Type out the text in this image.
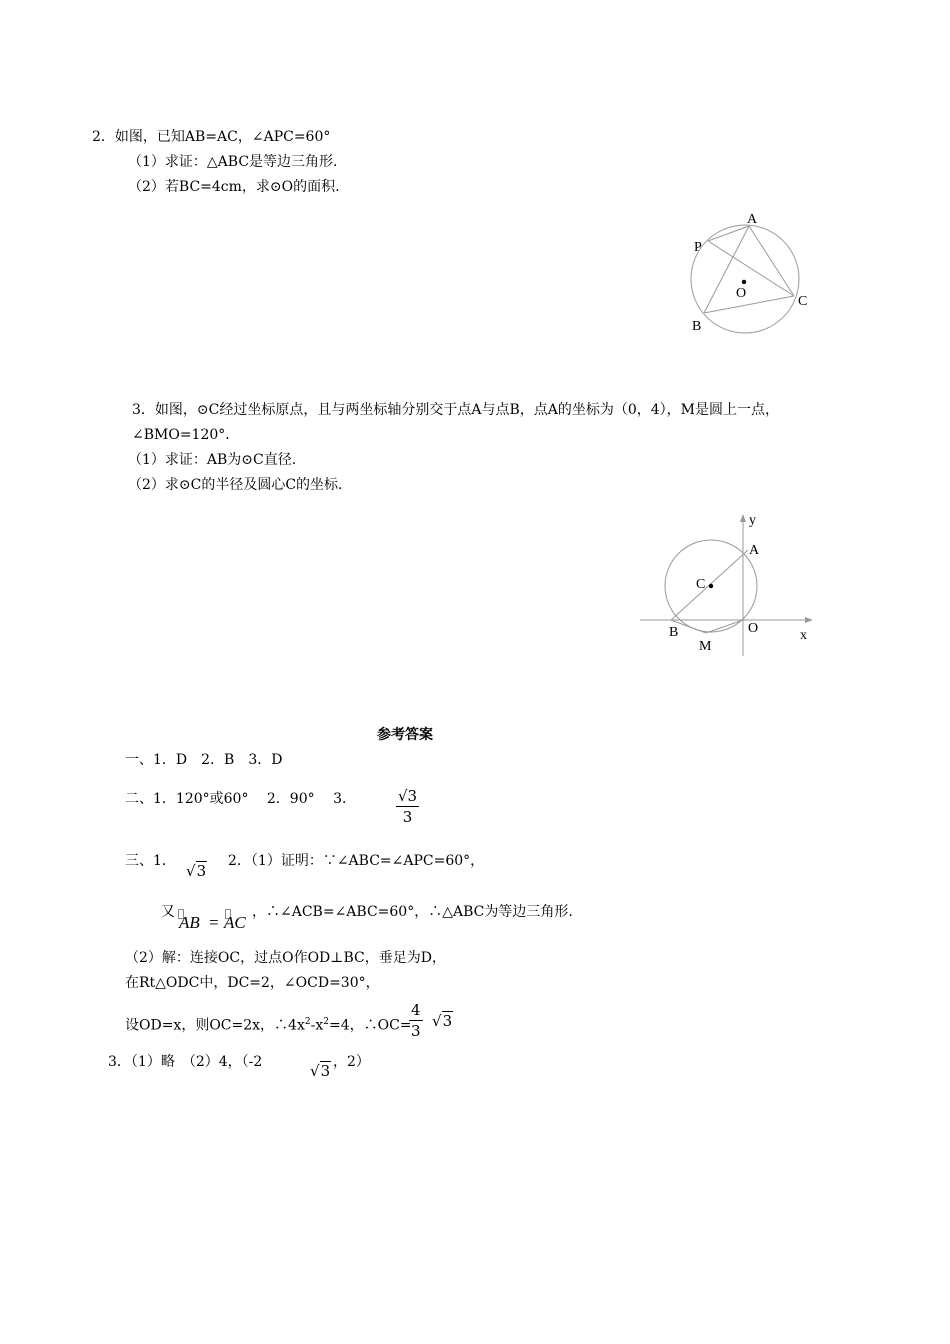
2．如图，已知AB=AC，∠APC=60°
（1）求证：△ABC是等边三角形.
（2）若BC=4cm，求⊙O的面积.
A
P
O
C
B
3．如图，⊙C经过坐标原点，且与两坐标轴分别交于点A与点B，点A的坐标为（0，4），M是圆上一点，
∠BMO=120°．
（1）求证：AB为⊙C直径.
（2）求⊙C的半径及圆心C的坐标.
y
A
C
B	O	x
M
参考答案
一、1．D　2．B　3．D
二、1．120°或60°　 2．90°　 3．	$\frac{√3}{3}$
三、1．
√3
2．（1）证明：∵∠ABC=∠APC=60°，
又
AB = AC
，∴∠ACB=∠ABC=60°，∴△ABC为等边三角形.
（2）解：连接OC，过点O作OD⊥BC，垂足为D，
在Rt△ODC中，DC=2，∠OCD=30°，
设OD=x，则OC=2x，$\therefore 4x^2-x^2=4$，∴OC=
$\frac{4}{3} √3$
3．（1）略　（2）4，（-2	√3 ，2）
